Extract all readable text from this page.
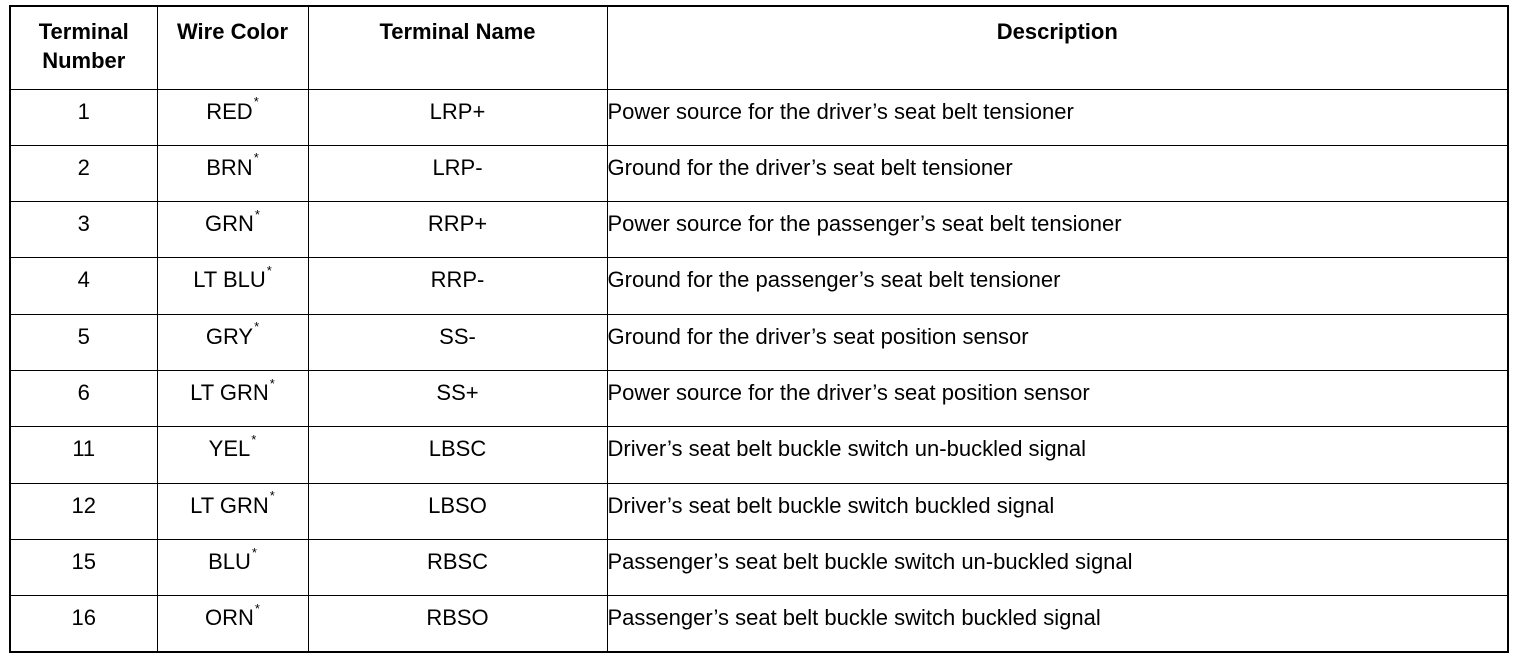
Terminal
Number	Wire Color	Terminal Name	Description
1	RED*	LRP+	Power source for the driver’s seat belt tensioner
2	BRN*	LRP-	Ground for the driver’s seat belt tensioner
3	GRN*	RRP+	Power source for the passenger’s seat belt tensioner
4	LT BLU*	RRP-	Ground for the passenger’s seat belt tensioner
5	GRY*	SS-	Ground for the driver’s seat position sensor
6	LT GRN*	SS+	Power source for the driver’s seat position sensor
11	YEL*	LBSC	Driver’s seat belt buckle switch un-buckled signal
12	LT GRN*	LBSO	Driver’s seat belt buckle switch buckled signal
15	BLU*	RBSC	Passenger’s seat belt buckle switch un-buckled signal
16	ORN*	RBSO	Passenger’s seat belt buckle switch buckled signal
